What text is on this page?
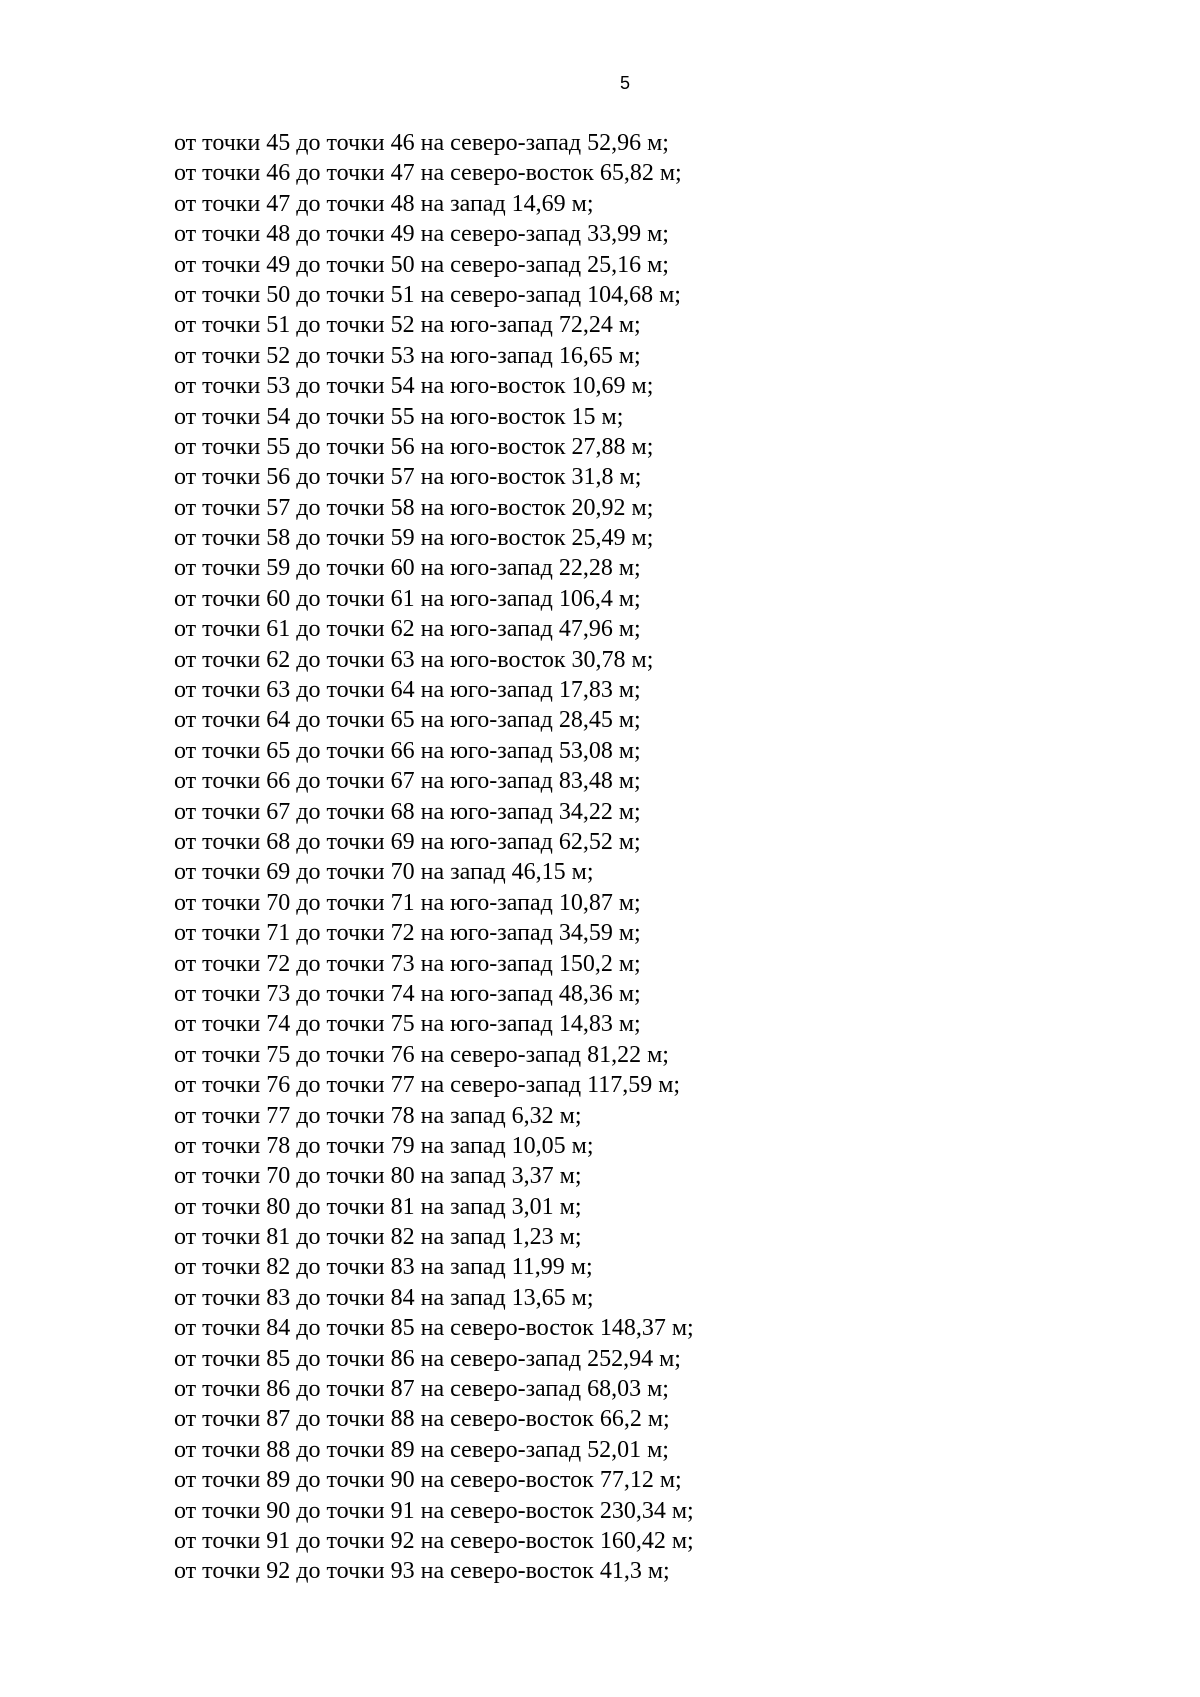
5
от точки 45 до точки 46 на северо-запад 52,96 м;
от точки 46 до точки 47 на северо-восток 65,82 м;
от точки 47 до точки 48 на запад 14,69 м;
от точки 48 до точки 49 на северо-запад 33,99 м;
от точки 49 до точки 50 на северо-запад 25,16 м;
от точки 50 до точки 51 на северо-запад 104,68 м;
от точки 51 до точки 52 на юго-запад 72,24 м;
от точки 52 до точки 53 на юго-запад 16,65 м;
от точки 53 до точки 54 на юго-восток 10,69 м;
от точки 54 до точки 55 на юго-восток 15 м;
от точки 55 до точки 56 на юго-восток 27,88 м;
от точки 56 до точки 57 на юго-восток 31,8 м;
от точки 57 до точки 58 на юго-восток 20,92 м;
от точки 58 до точки 59 на юго-восток 25,49 м;
от точки 59 до точки 60 на юго-запад 22,28 м;
от точки 60 до точки 61 на юго-запад 106,4 м;
от точки 61 до точки 62 на юго-запад 47,96 м;
от точки 62 до точки 63 на юго-восток 30,78 м;
от точки 63 до точки 64 на юго-запад 17,83 м;
от точки 64 до точки 65 на юго-запад 28,45 м;
от точки 65 до точки 66 на юго-запад 53,08 м;
от точки 66 до точки 67 на юго-запад 83,48 м;
от точки 67 до точки 68 на юго-запад 34,22 м;
от точки 68 до точки 69 на юго-запад 62,52 м;
от точки 69 до точки 70 на запад 46,15 м;
от точки 70 до точки 71 на юго-запад 10,87 м;
от точки 71 до точки 72 на юго-запад 34,59 м;
от точки 72 до точки 73 на юго-запад 150,2 м;
от точки 73 до точки 74 на юго-запад 48,36 м;
от точки 74 до точки 75 на юго-запад 14,83 м;
от точки 75 до точки 76 на северо-запад 81,22 м;
от точки 76 до точки 77 на северо-запад 117,59 м;
от точки 77 до точки 78 на запад 6,32 м;
от точки 78 до точки 79 на запад 10,05 м;
от точки 70 до точки 80 на запад 3,37 м;
от точки 80 до точки 81 на запад 3,01 м;
от точки 81 до точки 82 на запад 1,23 м;
от точки 82 до точки 83 на запад 11,99 м;
от точки 83 до точки 84 на запад 13,65 м;
от точки 84 до точки 85 на северо-восток 148,37 м;
от точки 85 до точки 86 на северо-запад 252,94 м;
от точки 86 до точки 87 на северо-запад 68,03 м;
от точки 87 до точки 88 на северо-восток 66,2 м;
от точки 88 до точки 89 на северо-запад 52,01 м;
от точки 89 до точки 90 на северо-восток 77,12 м;
от точки 90 до точки 91 на северо-восток 230,34 м;
от точки 91 до точки 92 на северо-восток 160,42 м;
от точки 92 до точки 93 на северо-восток 41,3 м;
